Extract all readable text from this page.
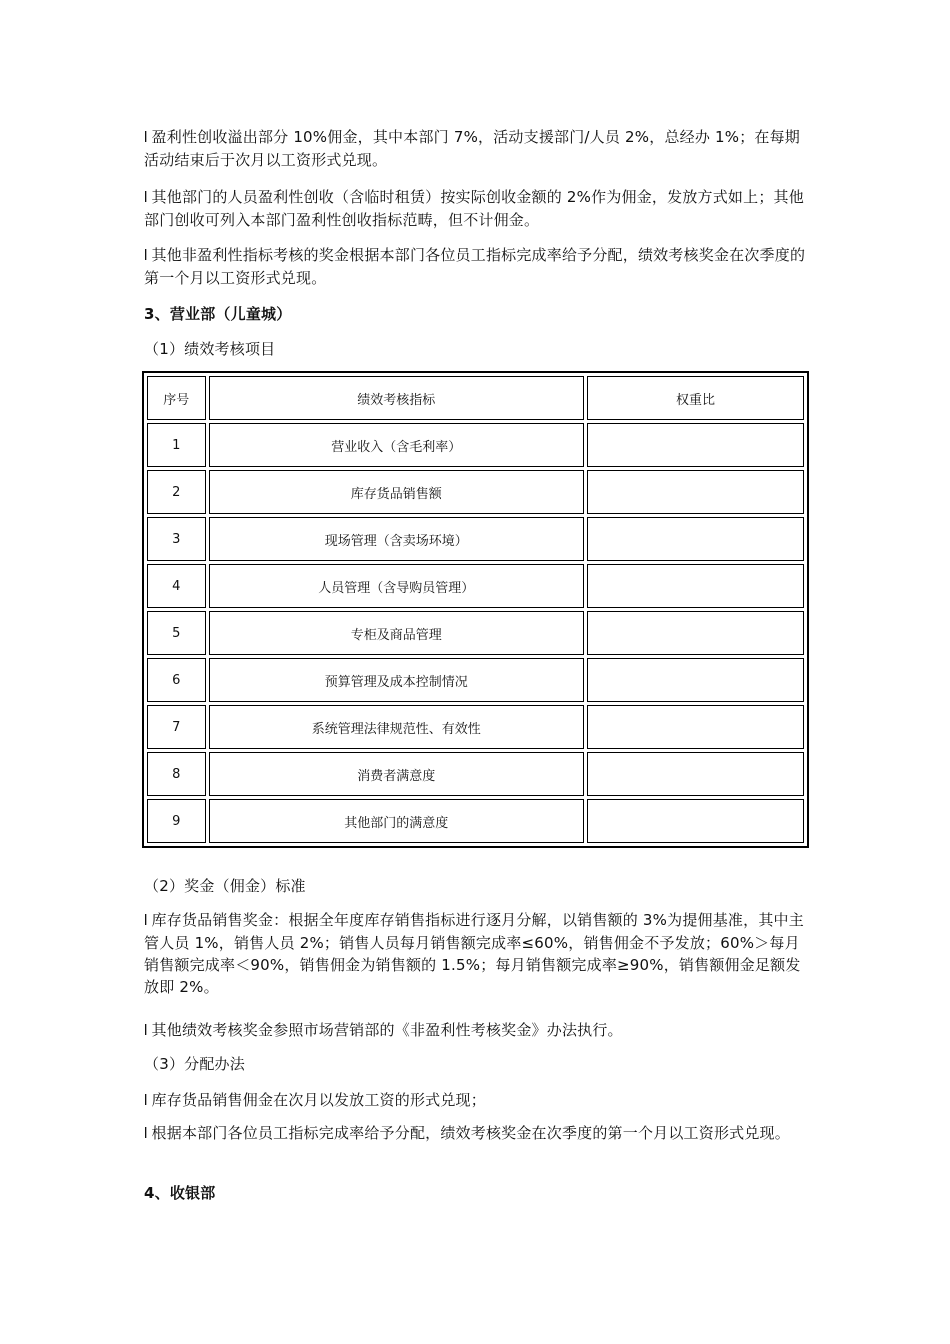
l 盈利性创收溢出部分 10%佣金，其中本部门 7%，活动支援部门/人员 2%，总经办 1%；在每期活动结束后于次月以工资形式兑现。

l 其他部门的人员盈利性创收（含临时租赁）按实际创收金额的 2%作为佣金，发放方式如上；其他部门创收可列入本部门盈利性创收指标范畴，但不计佣金。

l 其他非盈利性指标考核的奖金根据本部门各位员工指标完成率给予分配，绩效考核奖金在次季度的第一个月以工资形式兑现。

3、营业部（儿童城）

（1）绩效考核项目

序号	绩效考核指标	权重比
1	营业收入（含毛利率）	
2	库存货品销售额	
3	现场管理（含卖场环境）	
4	人员管理（含导购员管理）	
5	专柜及商品管理	
6	预算管理及成本控制情况	
7	系统管理法律规范性、有效性	
8	消费者满意度	
9	其他部门的满意度	

（2）奖金（佣金）标准

l 库存货品销售奖金：根据全年度库存销售指标进行逐月分解，以销售额的 3%为提佣基准，其中主管人员 1%，销售人员 2%；销售人员每月销售额完成率≤60%，销售佣金不予发放；60%＞每月销售额完成率＜90%，销售佣金为销售额的 1.5%；每月销售额完成率≥90%，销售额佣金足额发放即 2%。

l 其他绩效考核奖金参照市场营销部的《非盈利性考核奖金》办法执行。

（3）分配办法

l 库存货品销售佣金在次月以发放工资的形式兑现；

l 根据本部门各位员工指标完成率给予分配，绩效考核奖金在次季度的第一个月以工资形式兑现。

4、收银部
